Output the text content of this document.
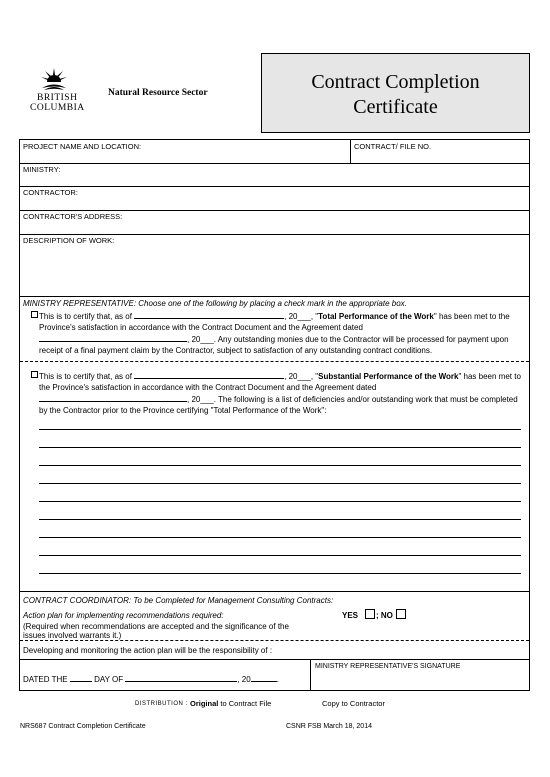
BRITISH
COLUMBIA
Natural Resource Sector	Contract Completion
Certificate
PROJECT NAME AND LOCATION:	CONTRACT/ FILE NO.
MINISTRY:
CONTRACTOR:
CONTRACTOR'S ADDRESS:
DESCRIPTION OF WORK:
MINISTRY REPRESENTATIVE: Choose one of the following by placing a check mark in the appropriate box.
This is to certify that, as of	, 20___, "Total Performance of the Work" has been met to the Province's satisfaction in accordance with the Contract Document and the Agreement dated
, 20___. Any outstanding monies due to the Contractor will be processed for payment upon receipt of a final payment claim by the Contractor, subject to satisfaction of any outstanding contract conditions.
This is to certify that, as of	, 20___, "Substantial Performance of the Work" has been met to the Province's satisfaction in accordance with the Contract Document and the Agreement dated
, 20___. The following is a list of deficiencies and/or outstanding work that must be completed by the Contractor prior to the Province certifying "Total Performance of the Work":
CONTRACT COORDINATOR: To be Completed for Management Consulting Contracts:
Action plan for implementing recommendations required:	YES ; NO
(Required when recommendations are accepted and the significance of the
issues involved warrants it.)
Developing and monitoring the action plan will be the responsibility of :
DATED THE	DAY OF	, 20	.
MINISTRY REPRESENTATIVE'S SIGNATURE
DISTRIBUTION : Original to Contract File	Copy to Contractor
NRS687 Contract Completion Certificate	CSNR FSB March 18, 2014
